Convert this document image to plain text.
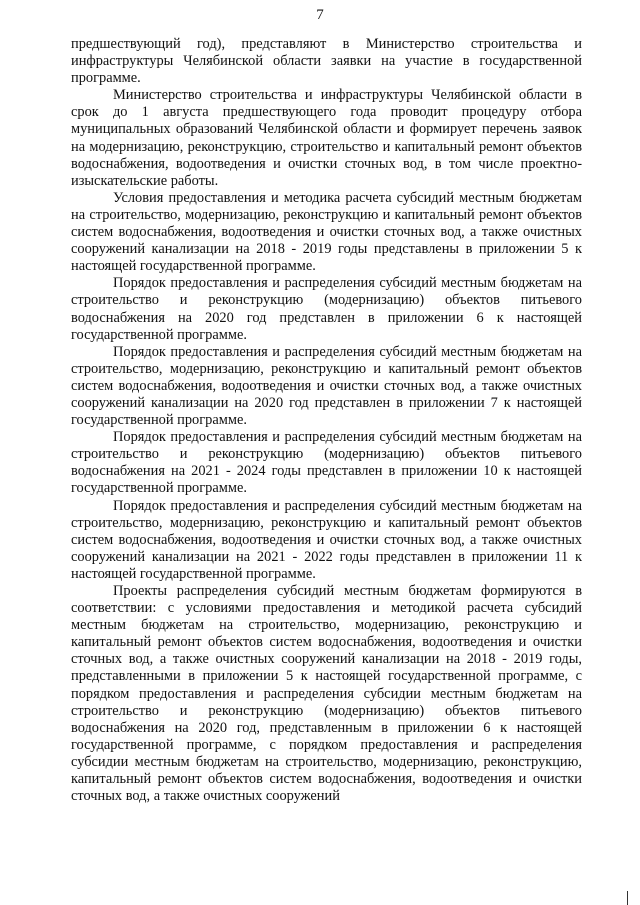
7

предшествующий год), представляют в Министерство строительства и инфраструктуры Челябинской области заявки на участие в государственной программе.

Министерство строительства и инфраструктуры Челябинской области в срок до 1 августа предшествующего года проводит процедуру отбора муниципальных образований Челябинской области и формирует перечень заявок на модернизацию, реконструкцию, строительство и капитальный ремонт объектов водоснабжения, водоотведения и очистки сточных вод, в том числе проектно-изыскательские работы.

Условия предоставления и методика расчета субсидий местным бюджетам на строительство, модернизацию, реконструкцию и капитальный ремонт объектов систем водоснабжения, водоотведения и очистки сточных вод, а также очистных сооружений канализации на 2018 - 2019 годы представлены в приложении 5 к настоящей государственной программе.

Порядок предоставления и распределения субсидий местным бюджетам на строительство и реконструкцию (модернизацию) объектов питьевого водоснабжения на 2020 год представлен в приложении 6 к настоящей государственной программе.

Порядок предоставления и распределения субсидий местным бюджетам на строительство, модернизацию, реконструкцию и капитальный ремонт объектов систем водоснабжения, водоотведения и очистки сточных вод, а также очистных сооружений канализации на 2020 год представлен в приложении 7 к настоящей государственной программе.

Порядок предоставления и распределения субсидий местным бюджетам на строительство и реконструкцию (модернизацию) объектов питьевого водоснабжения на 2021 - 2024 годы представлен в приложении 10 к настоящей государственной программе.

Порядок предоставления и распределения субсидий местным бюджетам на строительство, модернизацию, реконструкцию и капитальный ремонт объектов систем водоснабжения, водоотведения и очистки сточных вод, а также очистных сооружений канализации на 2021 - 2022 годы представлен в приложении 11 к настоящей государственной программе.

Проекты распределения субсидий местным бюджетам формируются в соответствии: с условиями предоставления и методикой расчета субсидий местным бюджетам на строительство, модернизацию, реконструкцию и капитальный ремонт объектов систем водоснабжения, водоотведения и очистки сточных вод, а также очистных сооружений канализации на 2018 - 2019 годы, представленными в приложении 5 к настоящей государственной программе, с порядком предоставления и распределения субсидии местным бюджетам на строительство и реконструкцию (модернизацию) объектов питьевого водоснабжения на 2020 год, представленным в приложении 6 к настоящей государственной программе, с порядком предоставления и распределения субсидии местным бюджетам на строительство, модернизацию, реконструкцию, капитальный ремонт объектов систем водоснабжения, водоотведения и очистки сточных вод, а также очистных сооружений
